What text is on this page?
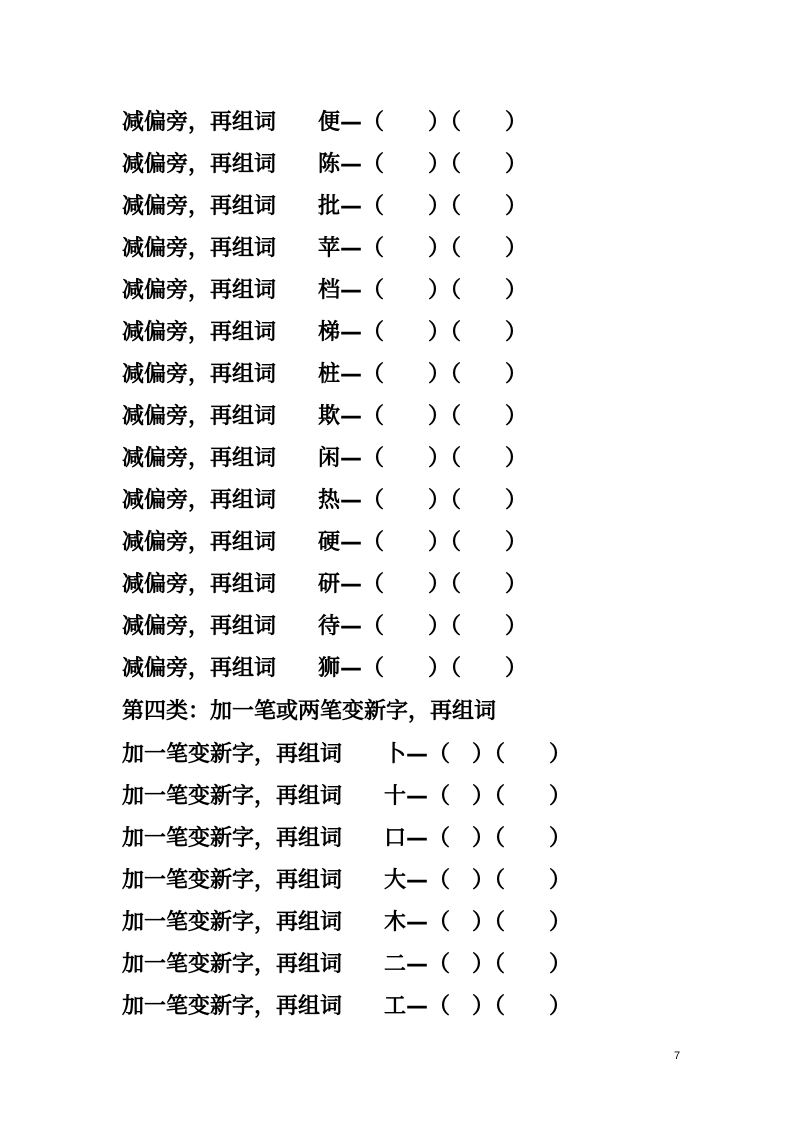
减偏旁，再组词 便—（　　）（　　）
减偏旁，再组词 陈—（　　）（　　）
减偏旁，再组词 批—（　　）（　　）
减偏旁，再组词 苹—（　　）（　　）
减偏旁，再组词 档—（　　）（　　）
减偏旁，再组词 梯—（　　）（　　）
减偏旁，再组词 桩—（　　）（　　）
减偏旁，再组词 欺—（　　）（　　）
减偏旁，再组词 闲—（　　）（　　）
减偏旁，再组词 热—（　　）（　　）
减偏旁，再组词 硬—（　　）（　　）
减偏旁，再组词 研—（　　）（　　）
减偏旁，再组词 待—（　　）（　　）
减偏旁，再组词 狮—（　　）（　　）
第四类：加一笔或两笔变新字，再组词
加一笔变新字，再组词 卜—（　）（　　）
加一笔变新字，再组词 十—（　）（　　）
加一笔变新字，再组词 口—（　）（　　）
加一笔变新字，再组词 大—（　）（　　）
加一笔变新字，再组词 木—（　）（　　）
加一笔变新字，再组词 二—（　）（　　）
加一笔变新字，再组词 工—（　）（　　）
7
